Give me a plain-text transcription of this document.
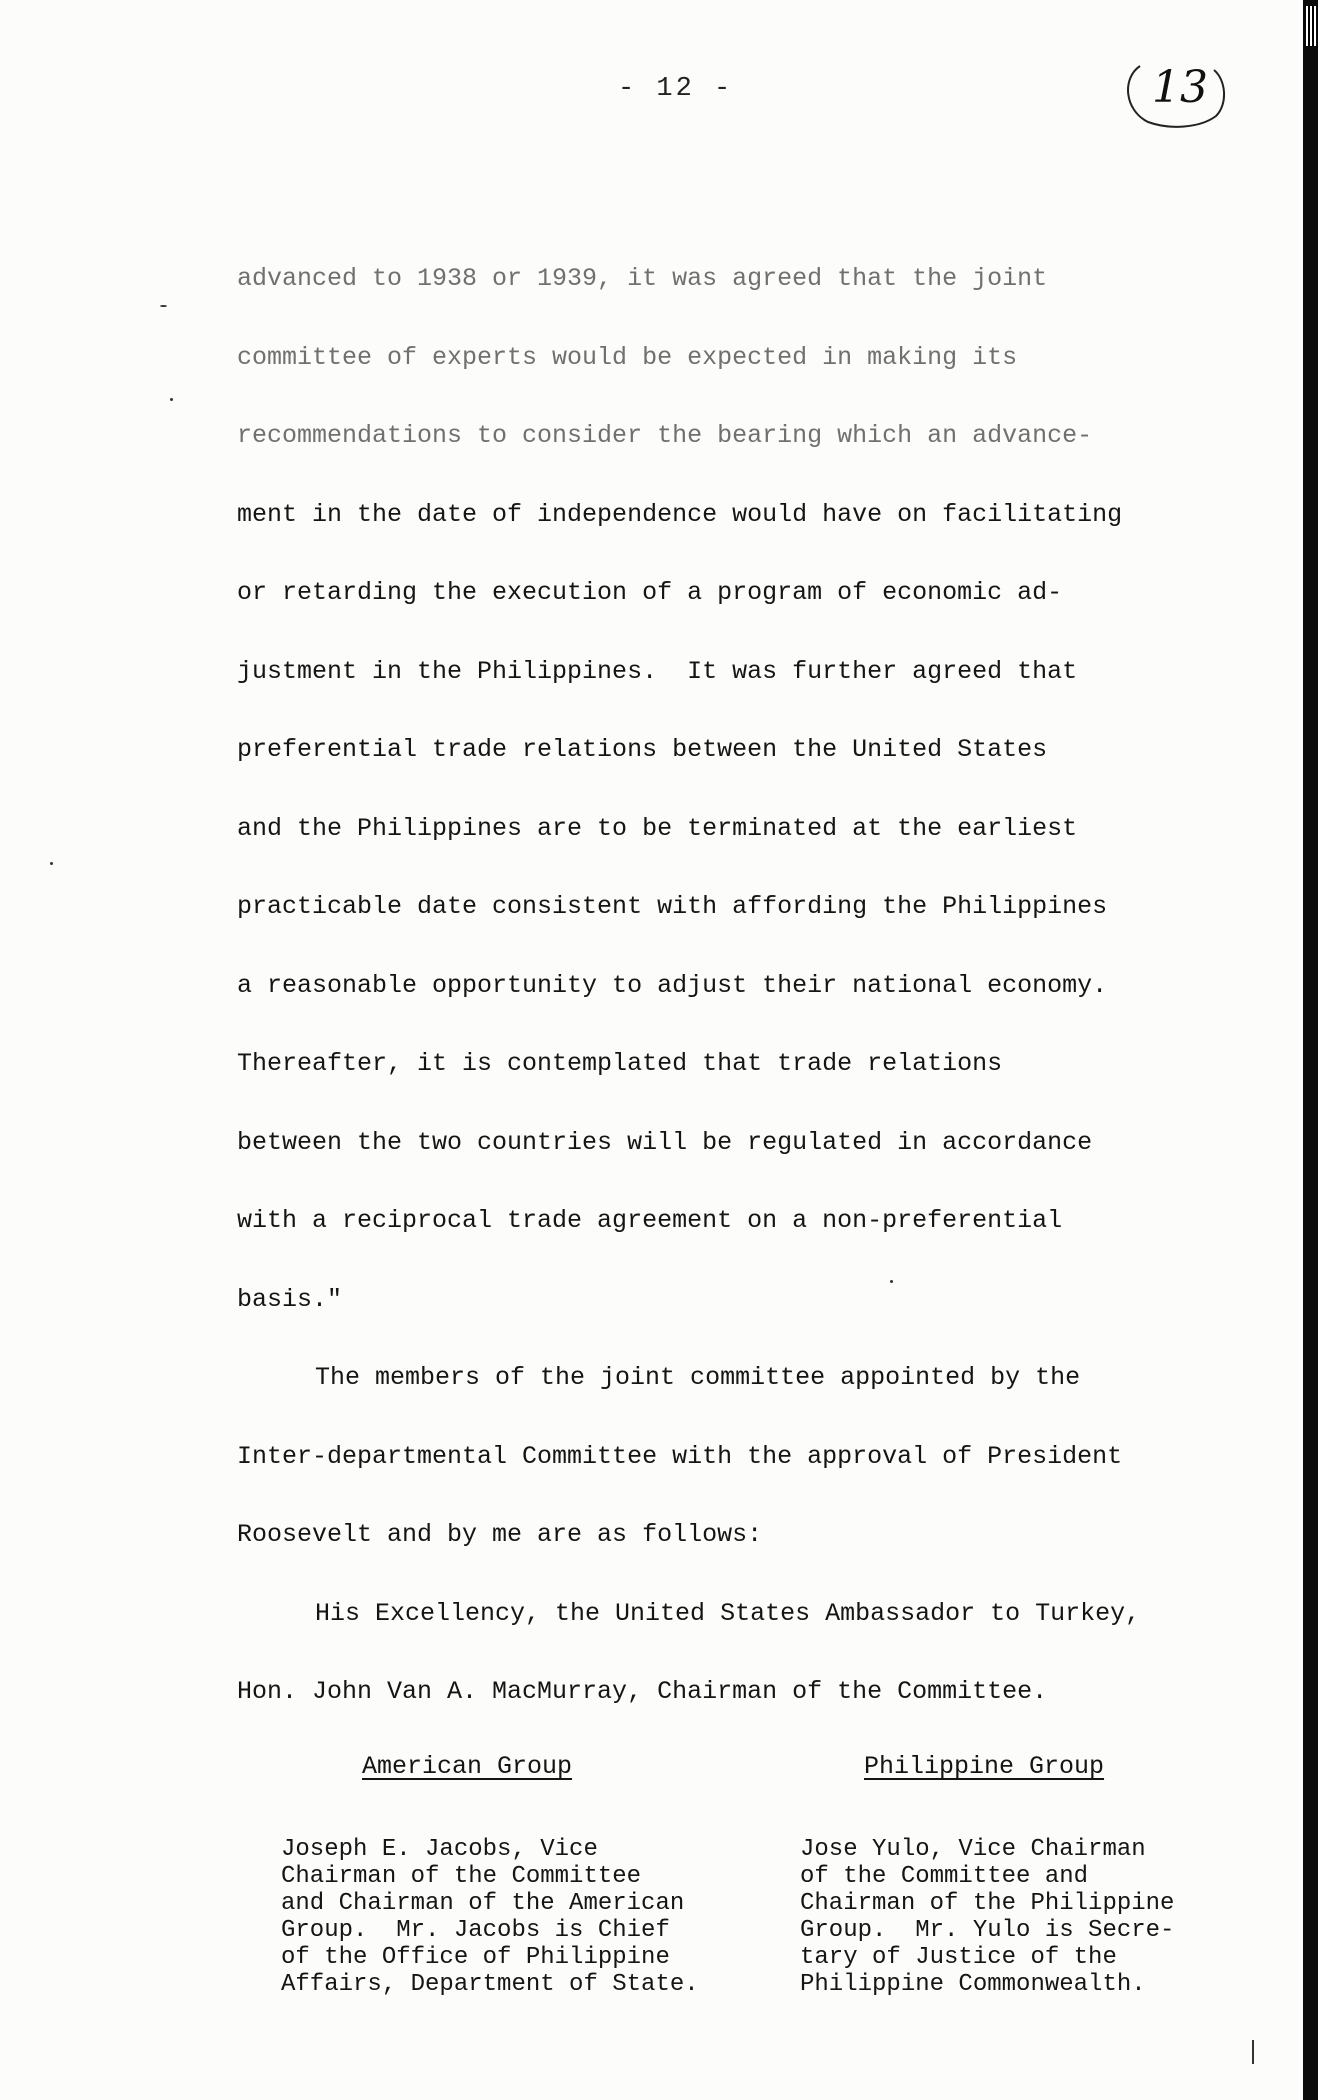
- 12 -	13
advanced to 1938 or 1939, it was agreed that the joint
committee of experts would be expected in making its
recommendations to consider the bearing which an advance-
ment in the date of independence would have on facilitating
or retarding the execution of a program of economic ad-
justment in the Philippines.  It was further agreed that
preferential trade relations between the United States
and the Philippines are to be terminated at the earliest
practicable date consistent with affording the Philippines
a reasonable opportunity to adjust their national economy.
Thereafter, it is contemplated that trade relations
between the two countries will be regulated in accordance
with a reciprocal trade agreement on a non-preferential
basis."
The members of the joint committee appointed by the
Inter-departmental Committee with the approval of President
Roosevelt and by me are as follows:
His Excellency, the United States Ambassador to Turkey,
Hon. John Van A. MacMurray, Chairman of the Committee.
American Group	Philippine Group
Joseph E. Jacobs, Vice
Chairman of the Committee
and Chairman of the American
Group.  Mr. Jacobs is Chief
of the Office of Philippine
Affairs, Department of State.
Jose Yulo, Vice Chairman
of the Committee and
Chairman of the Philippine
Group.  Mr. Yulo is Secre-
tary of Justice of the
Philippine Commonwealth.
